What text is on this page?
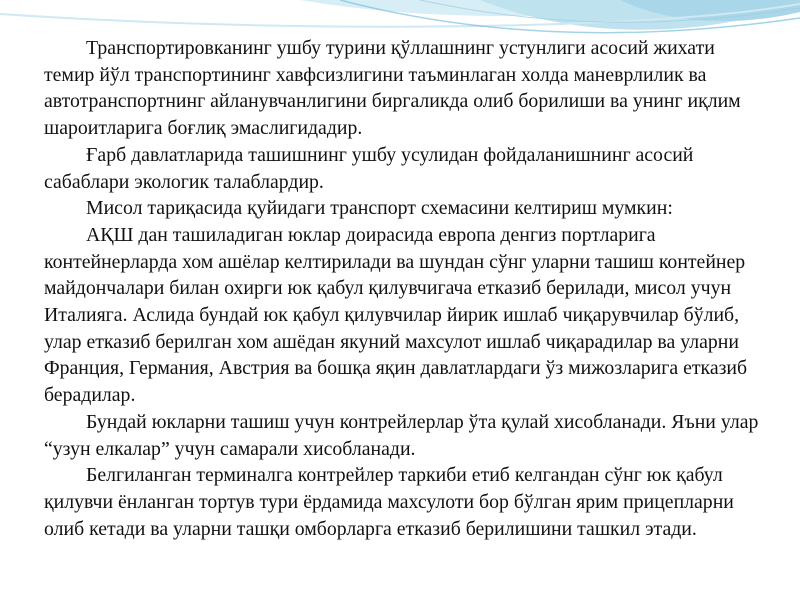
Транспортировканинг ушбу турини қўллашнинг устунлиги асосий жихати темир йўл транспортининг хавфсизлигини таъминлаган холда маневрлилик ва автотранспортнинг айланувчанлигини биргаликда олиб борилиши ва унинг иқлим шароитларига боғлиқ эмаслигидадир.

Ғарб давлатларида ташишнинг ушбу усулидан фойдаланишнинг асосий сабаблари экологик талаблардир.

Мисол тариқасида қуйидаги транспорт схемасини келтириш мумкин:

АҚШ дан ташиладиган юклар доирасида европа денгиз портларига контейнерларда хом ашёлар келтирилади ва шундан сўнг уларни ташиш контейнер майдончалари билан охирги юк қабул қилувчигача етказиб берилади, мисол учун Италияга. Аслида бундай юк қабул қилувчилар йирик ишлаб чиқарувчилар бўлиб, улар етказиб берилган хом ашёдан якуний махсулот ишлаб чиқарадилар ва уларни Франция, Германия, Австрия ва бошқа яқин давлатлардаги ўз мижозларига етказиб берадилар.

Бундай юкларни ташиш учун контрейлерлар ўта қулай хисобланади. Яъни улар “узун елкалар” учун самарали хисобланади.

Белгиланган терминалга контрейлер таркиби етиб келгандан сўнг юк қабул қилувчи ёнланган тортув тури ёрдамида махсулоти бор бўлган ярим прицепларни олиб кетади ва уларни ташқи омборларга етказиб берилишини ташкил этади.
